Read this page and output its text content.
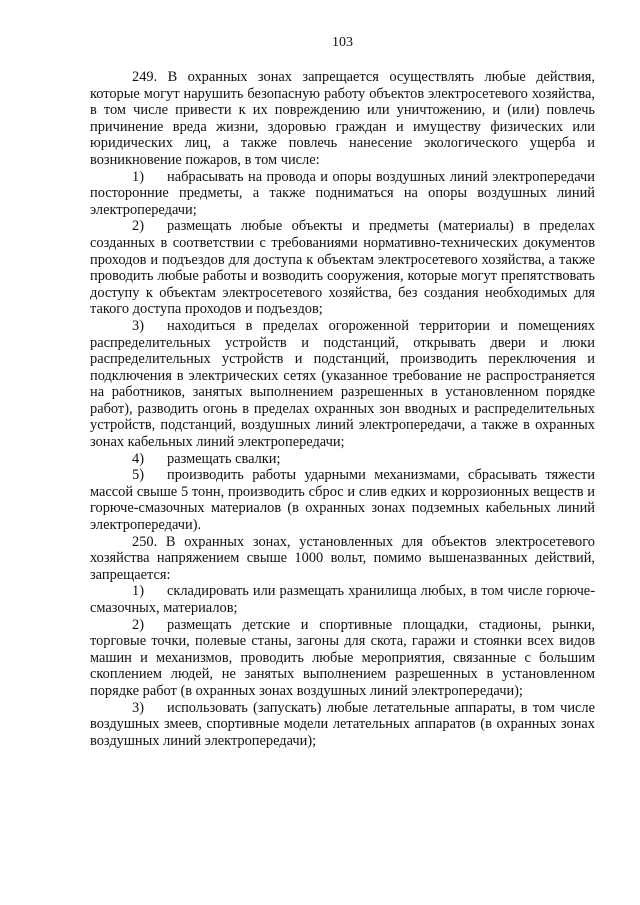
103

249. В охранных зонах запрещается осуществлять любые действия, которые могут нарушить безопасную работу объектов электросетевого хозяйства, в том числе привести к их повреждению или уничтожению, и (или) повлечь причинение вреда жизни, здоровью граждан и имуществу физических или юридических лиц, а также повлечь нанесение экологического ущерба и возникновение пожаров, в том числе:

1) набрасывать на провода и опоры воздушных линий электропередачи посторонние предметы, а также подниматься на опоры воздушных линий электропередачи;

2) размещать любые объекты и предметы (материалы) в пределах созданных в соответствии с требованиями нормативно-технических документов проходов и подъездов для доступа к объектам электросетевого хозяйства, а также проводить любые работы и возводить сооружения, которые могут препятствовать доступу к объектам электросетевого хозяйства, без создания необходимых для такого доступа проходов и подъездов;

3) находиться в пределах огороженной территории и помещениях распределительных устройств и подстанций, открывать двери и люки распределительных устройств и подстанций, производить переключения и подключения в электрических сетях (указанное требование не распространяется на работников, занятых выполнением разрешенных в установленном порядке работ), разводить огонь в пределах охранных зон вводных и распределительных устройств, подстанций, воздушных линий электропередачи, а также в охранных зонах кабельных линий электропередачи;

4) размещать свалки;

5) производить работы ударными механизмами, сбрасывать тяжести массой свыше 5 тонн, производить сброс и слив едких и коррозионных веществ и горюче-смазочных материалов (в охранных зонах подземных кабельных линий электропередачи).

250. В охранных зонах, установленных для объектов электросетевого хозяйства напряжением свыше 1000 вольт, помимо вышеназванных действий, запрещается:

1) складировать или размещать хранилища любых, в том числе горюче-смазочных, материалов;

2) размещать детские и спортивные площадки, стадионы, рынки, торговые точки, полевые станы, загоны для скота, гаражи и стоянки всех видов машин и механизмов, проводить любые мероприятия, связанные с большим скоплением людей, не занятых выполнением разрешенных в установленном порядке работ (в охранных зонах воздушных линий электропередачи);

3) использовать (запускать) любые летательные аппараты, в том числе воздушных змеев, спортивные модели летательных аппаратов (в охранных зонах воздушных линий электропередачи);
